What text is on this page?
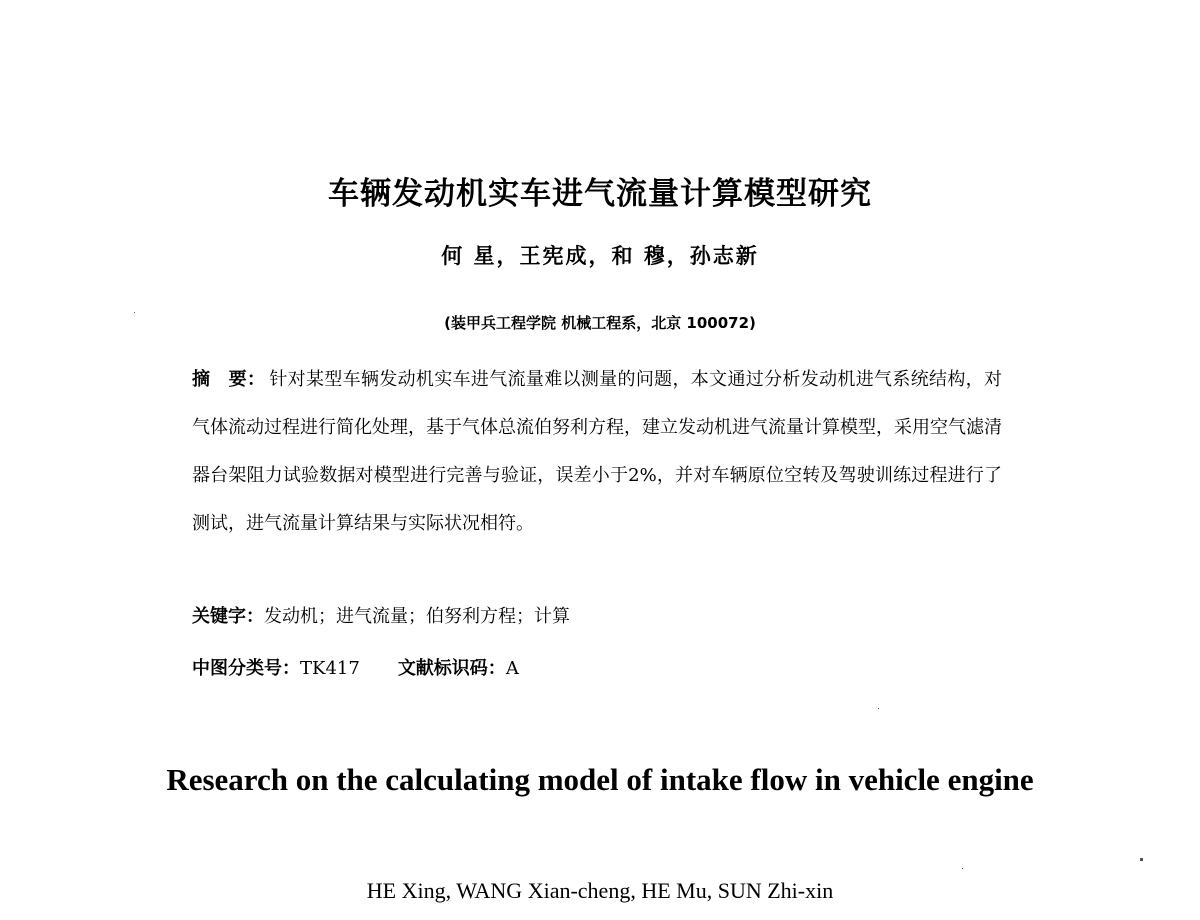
车辆发动机实车进气流量计算模型研究
何 星，王宪成，和 穆，孙志新
(装甲兵工程学院 机械工程系，北京 100072)
摘　要： 针对某型车辆发动机实车进气流量难以测量的问题，本文通过分析发动机进气系统结构，对气体流动过程进行简化处理，基于气体总流伯努利方程，建立发动机进气流量计算模型，采用空气滤清器台架阻力试验数据对模型进行完善与验证，误差小于2%，并对车辆原位空转及驾驶训练过程进行了测试，进气流量计算结果与实际状况相符。
关键字：发动机；进气流量；伯努利方程；计算
中图分类号：TK417 文献标识码：A
Research on the calculating model of intake flow in vehicle engine
HE Xing, WANG Xian-cheng, HE Mu, SUN Zhi-xin
